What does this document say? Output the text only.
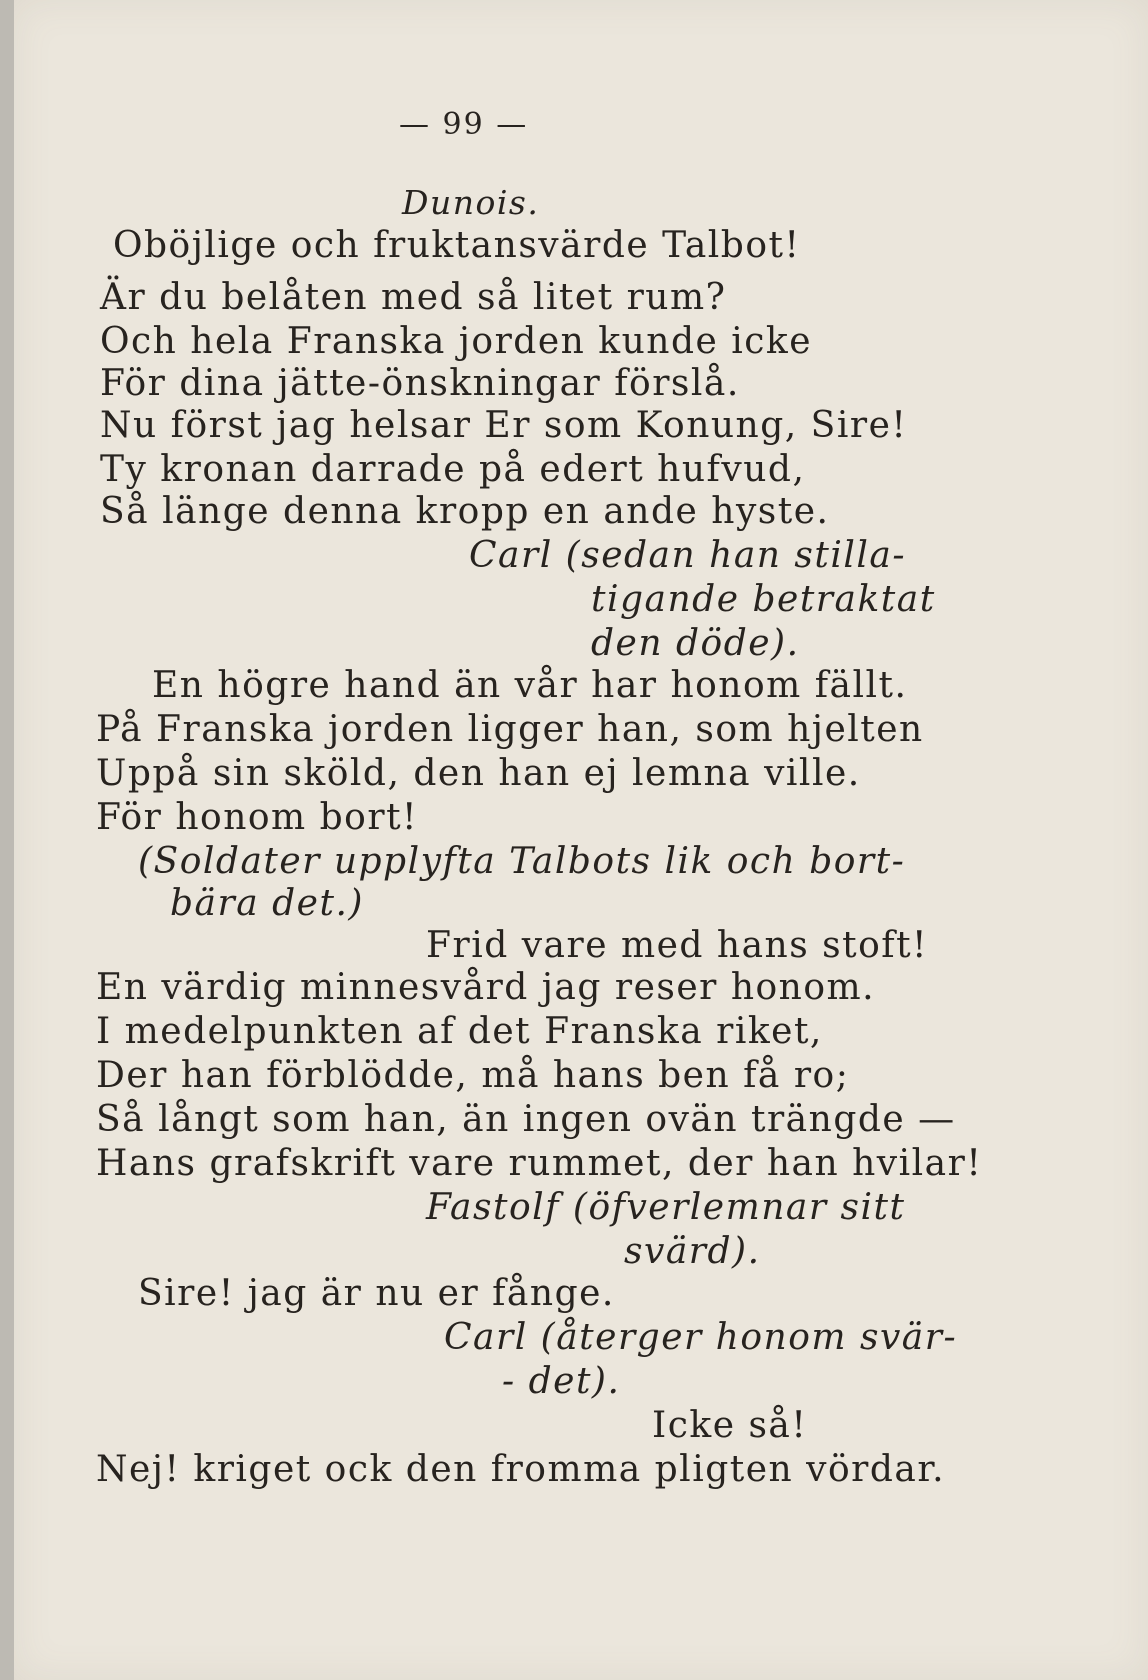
— 99 —
Dunois.
Oböjlige och fruktansvärde Talbot!
Är du belåten med så litet rum?
Och hela Franska jorden kunde icke
För dina jätte-önskningar förslå.
Nu först jag helsar Er som Konung, Sire!
Ty kronan darrade på edert hufvud,
Så länge denna kropp en ande hyste.
Carl (sedan han stilla-
tigande betraktat
den döde).
En högre hand än vår har honom fällt.
På Franska jorden ligger han, som hjelten
Uppå sin sköld, den han ej lemna ville.
För honom bort!
(Soldater upplyfta Talbots lik och bort-
bära det.)
Frid vare med hans stoft!
En värdig minnesvård jag reser honom.
I medelpunkten af det Franska riket,
Der han förblödde, må hans ben få ro;
Så långt som han, än ingen ovän trängde —
Hans grafskrift vare rummet, der han hvilar!
Fastolf (öfverlemnar sitt
svärd).
Sire! jag är nu er fånge.
Carl (återger honom svär-
- det).
Icke så!
Nej! kriget ock den fromma pligten vördar.
